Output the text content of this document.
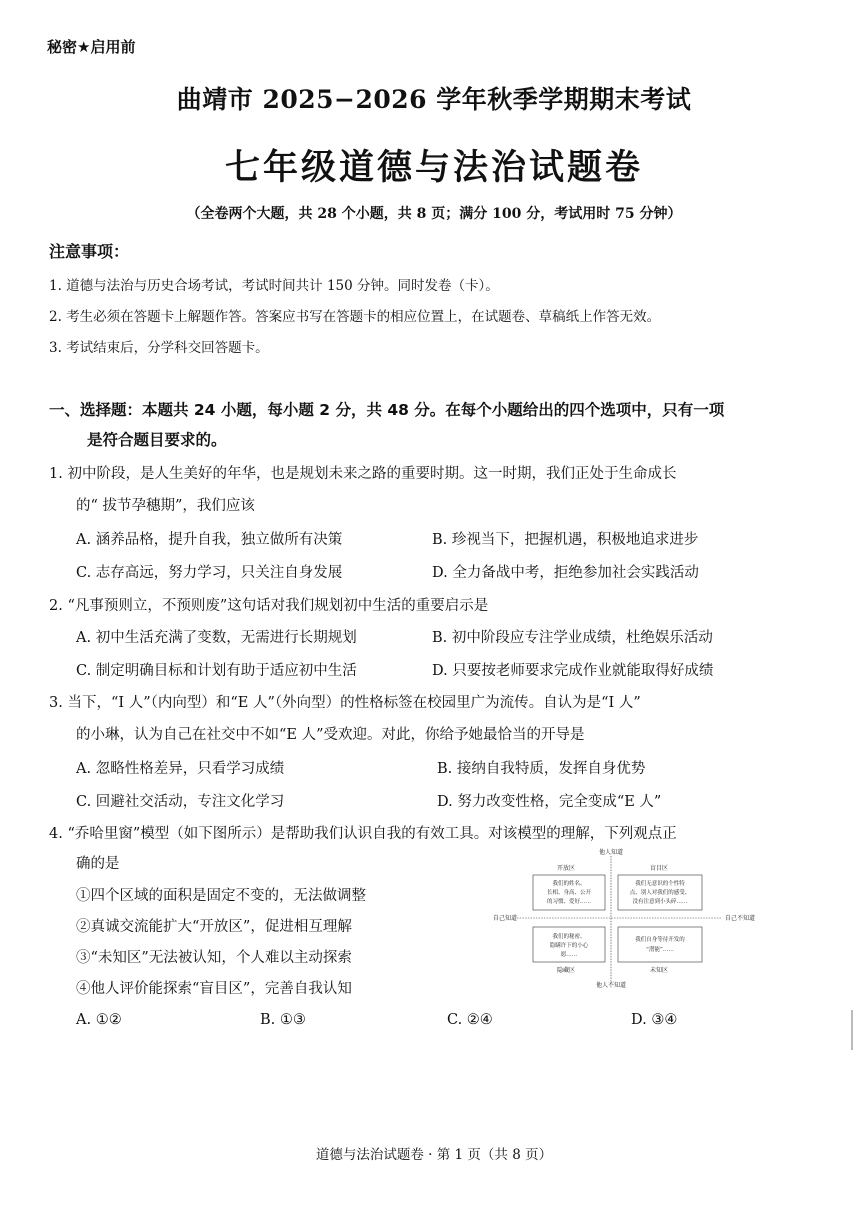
秘密★启用前
曲靖市 2025−2026 学年秋季学期期末考试
七年级道德与法治试题卷
（全卷两个大题，共 28 个小题，共 8 页；满分 100 分，考试用时 75 分钟）
注意事项：
1. 道德与法治与历史合场考试，考试时间共计 150 分钟。同时发卷（卡）。
2. 考生必须在答题卡上解题作答。答案应书写在答题卡的相应位置上，在试题卷、草稿纸上作答无效。
3. 考试结束后，分学科交回答题卡。
一、选择题：本题共 24 小题，每小题 2 分，共 48 分。在每个小题给出的四个选项中，只有一项
是符合题目要求的。
1. 初中阶段，是人生美好的年华，也是规划未来之路的重要时期。这一时期，我们正处于生命成长
的“ 拔节孕穗期”，我们应该
A. 涵养品格，提升自我，独立做所有决策	B. 珍视当下，把握机遇，积极地追求进步
C. 志存高远，努力学习，只关注自身发展	D. 全力备战中考，拒绝参加社会实践活动
2. “凡事预则立，不预则废”这句话对我们规划初中生活的重要启示是
A. 初中生活充满了变数，无需进行长期规划	B. 初中阶段应专注学业成绩，杜绝娱乐活动
C. 制定明确目标和计划有助于适应初中生活	D. 只要按老师要求完成作业就能取得好成绩
3. 当下，“I 人”（内向型）和“E 人”（外向型）的性格标签在校园里广为流传。自认为是“I 人”
的小琳，认为自己在社交中不如“E 人”受欢迎。对此，你给予她最恰当的开导是
A. 忽略性格差异，只看学习成绩	B. 接纳自我特质，发挥自身优势
C. 回避社交活动，专注文化学习	D. 努力改变性格，完全变成“E 人”
4. “乔哈里窗”模型（如下图所示）是帮助我们认识自我的有效工具。对该模型的理解，下列观点正
确的是
①四个区域的面积是固定不变的，无法做调整
②真诚交流能扩大“开放区”，促进相互理解
③“未知区”无法被认知，个人难以主动探索
④他人评价能探索“盲目区”，完善自我认知
A. ①②	B. ①③	C. ②④	D. ③④
他人知道
他人不知道
自己知道	自己不知道
开放区	盲目区
隐藏区	未知区
我们的姓名、
长相、身高、公开
的习惯、爱好……
我们无意识的个性特
点、别人对我们的感受、
没有注意到小头碎……
我们的秘密、
隐瞒许下的小心
愿……
我们自身等待开发的
“潜能”……
道德与法治试题卷 · 第 1 页（共 8 页）
